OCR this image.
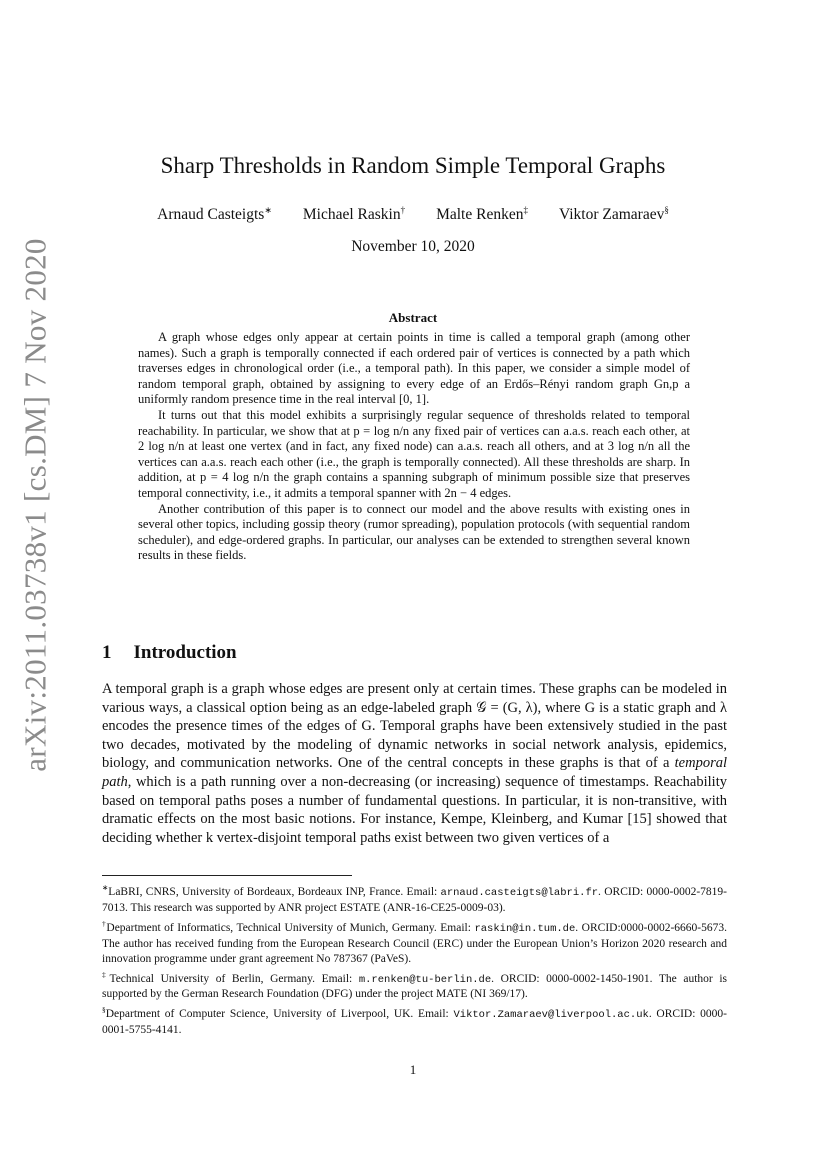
arXiv:2011.03738v1 [cs.DM] 7 Nov 2020
Sharp Thresholds in Random Simple Temporal Graphs
Arnaud Casteigts∗ Michael Raskin† Malte Renken‡ Viktor Zamaraev§
November 10, 2020
Abstract

A graph whose edges only appear at certain points in time is called a temporal graph (among other names). Such a graph is temporally connected if each ordered pair of vertices is connected by a path which traverses edges in chronological order (i.e., a temporal path). In this paper, we consider a simple model of random temporal graph, obtained by assigning to every edge of an Erdős–Rényi random graph Gn,p a uniformly random presence time in the real interval [0, 1].

It turns out that this model exhibits a surprisingly regular sequence of thresholds related to temporal reachability. In particular, we show that at p = log n/n any fixed pair of vertices can a.a.s. reach each other, at 2 log n/n at least one vertex (and in fact, any fixed node) can a.a.s. reach all others, and at 3 log n/n all the vertices can a.a.s. reach each other (i.e., the graph is temporally connected). All these thresholds are sharp. In addition, at p = 4 log n/n the graph contains a spanning subgraph of minimum possible size that preserves temporal connectivity, i.e., it admits a temporal spanner with 2n − 4 edges.

Another contribution of this paper is to connect our model and the above results with existing ones in several other topics, including gossip theory (rumor spreading), population protocols (with sequential random scheduler), and edge-ordered graphs. In particular, our analyses can be extended to strengthen several known results in these fields.

1 Introduction

A temporal graph is a graph whose edges are present only at certain times. These graphs can be modeled in various ways, a classical option being as an edge-labeled graph 𝒢 = (G, λ), where G is a static graph and λ encodes the presence times of the edges of G. Temporal graphs have been extensively studied in the past two decades, motivated by the modeling of dynamic networks in social network analysis, epidemics, biology, and communication networks. One of the central concepts in these graphs is that of a temporal path, which is a path running over a non-decreasing (or increasing) sequence of timestamps. Reachability based on temporal paths poses a number of fundamental questions. In particular, it is non-transitive, with dramatic effects on the most basic notions. For instance, Kempe, Kleinberg, and Kumar [15] showed that deciding whether k vertex-disjoint temporal paths exist between two given vertices of a

∗LaBRI, CNRS, University of Bordeaux, Bordeaux INP, France. Email: arnaud.casteigts@labri.fr. ORCID: 0000-0002-7819-7013. This research was supported by ANR project ESTATE (ANR-16-CE25-0009-03).

†Department of Informatics, Technical University of Munich, Germany. Email: raskin@in.tum.de. ORCID:0000-0002-6660-5673. The author has received funding from the European Research Council (ERC) under the European Union’s Horizon 2020 research and innovation programme under grant agreement No 787367 (PaVeS).

‡Technical University of Berlin, Germany. Email: m.renken@tu-berlin.de. ORCID: 0000-0002-1450-1901. The author is supported by the German Research Foundation (DFG) under the project MATE (NI 369/17).

§Department of Computer Science, University of Liverpool, UK. Email: Viktor.Zamaraev@liverpool.ac.uk. ORCID: 0000-0001-5755-4141.

1
